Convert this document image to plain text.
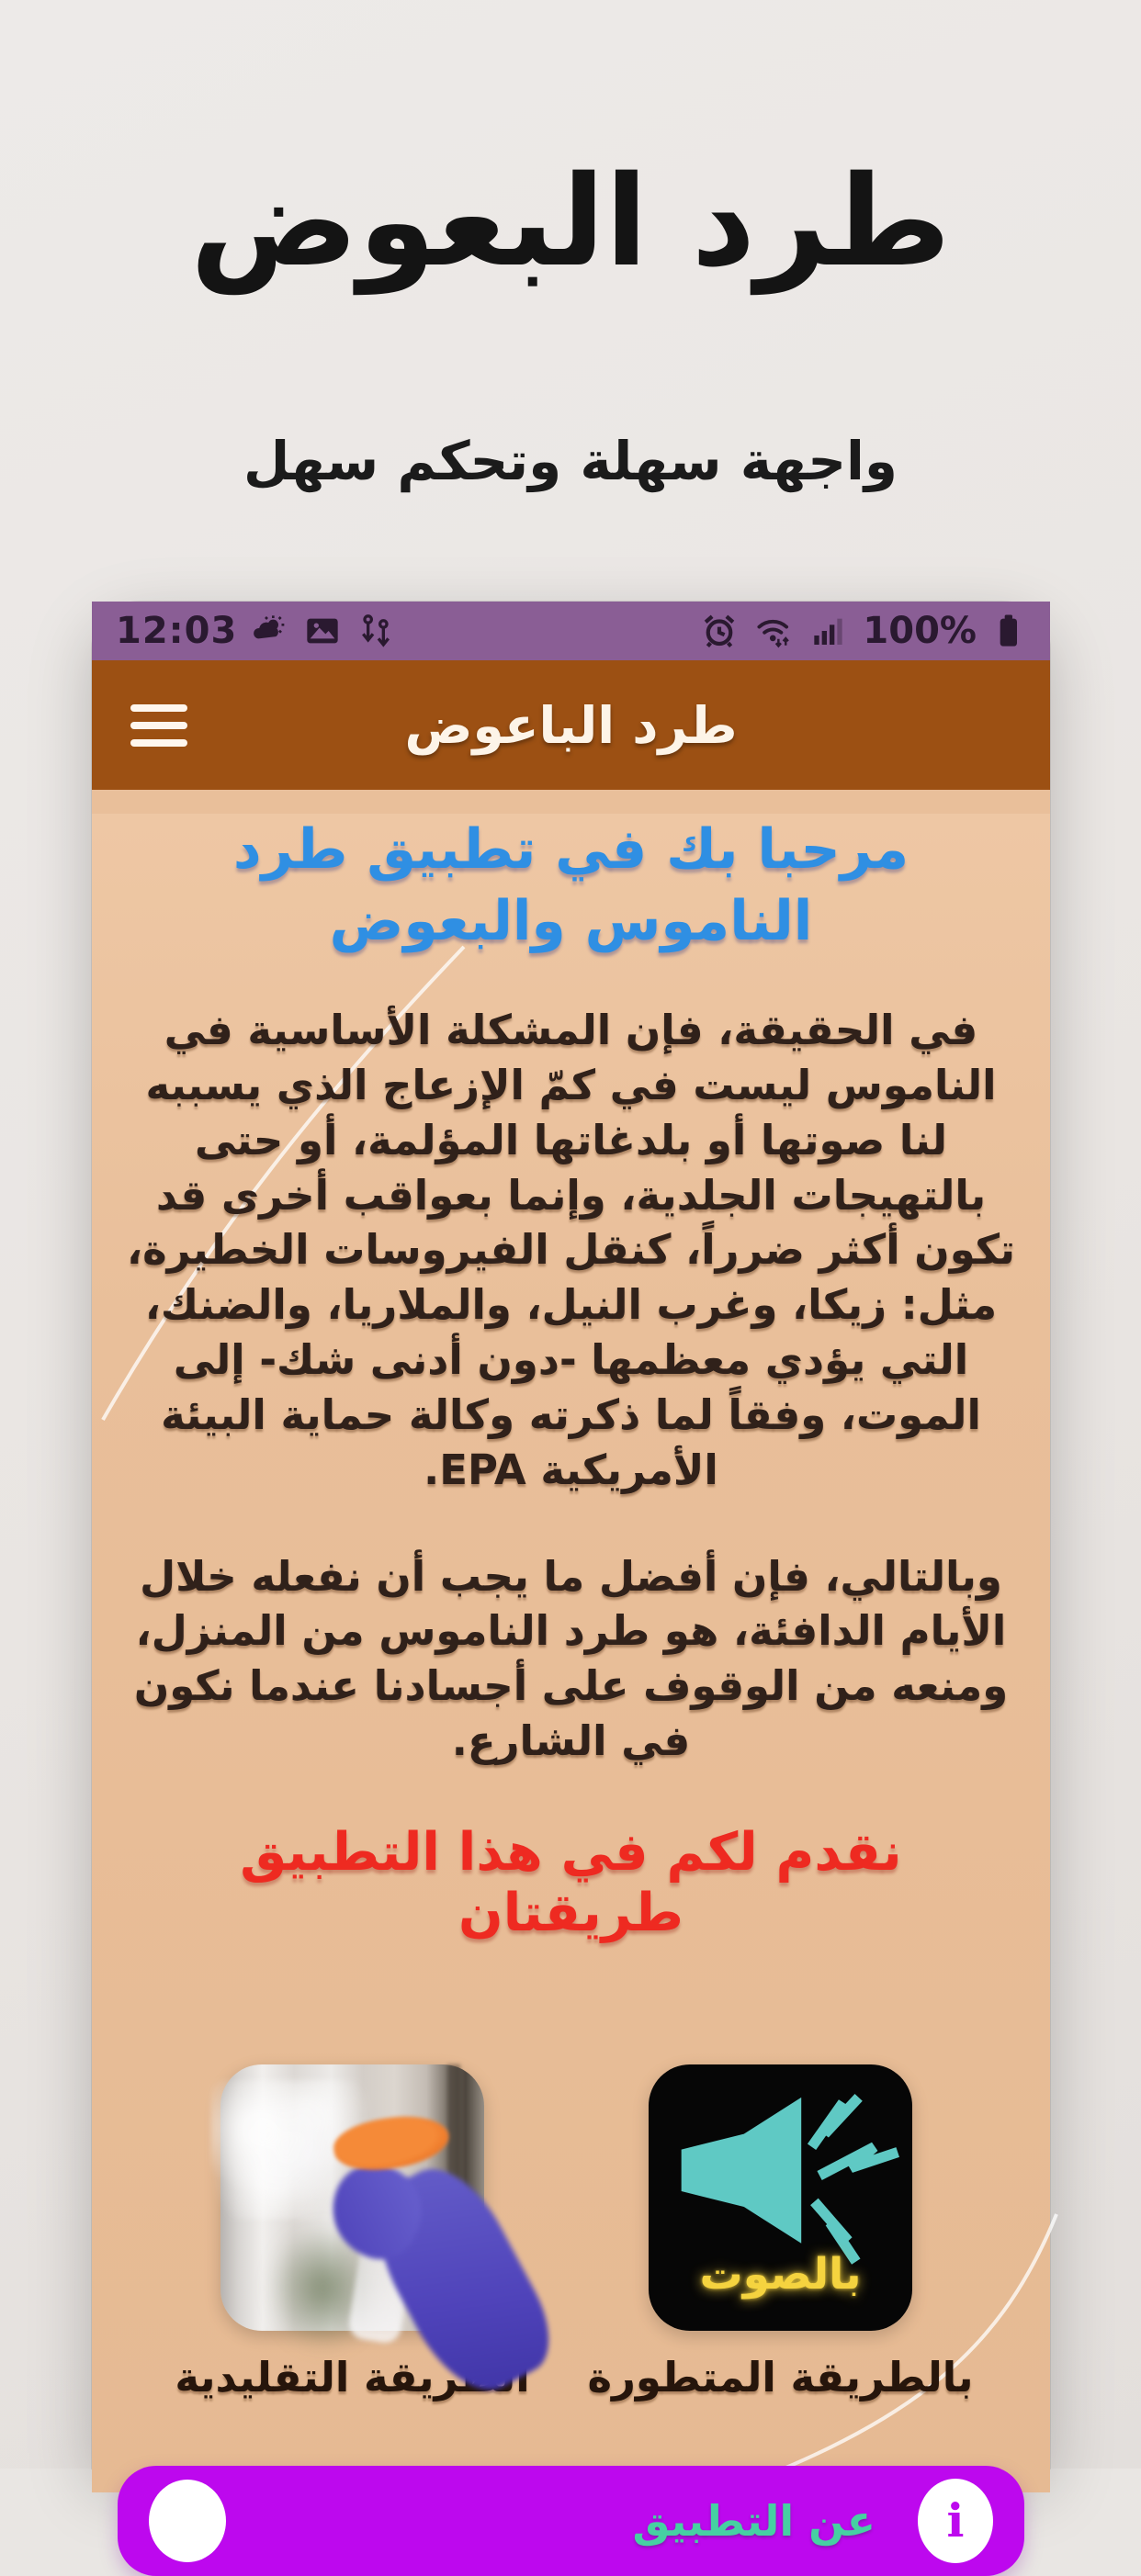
طرد البعوض
واجهة سهلة وتحكم سهل
12:03	100%
طرد الباعوض
مرحبا بك في تطبيق طرد الناموس والبعوض
في الحقيقة، فإن المشكلة الأساسية في الناموس ليست في كمّ الإزعاج الذي يسببه لنا صوتها أو بلدغاتها المؤلمة، أو حتى بالتهيجات الجلدية، وإنما بعواقب أخرى قد تكون أكثر ضرراً، كنقل الفيروسات الخطيرة، مثل: زيكا، وغرب النيل، والملاريا، والضنك، التي يؤدي معظمها -دون أدنى شك- إلى الموت، وفقاً لما ذكرته وكالة حماية البيئة الأمريكية EPA.
وبالتالي، فإن أفضل ما يجب أن نفعله خلال الأيام الدافئة، هو طرد الناموس من المنزل، ومنعه من الوقوف على أجسادنا عندما نكون في الشارع.
نقدم لكم في هذا التطبيق طريقتان
الطريقة التقليدية
بالصوت
بالطريقة المتطورة
عن التطبيق i
